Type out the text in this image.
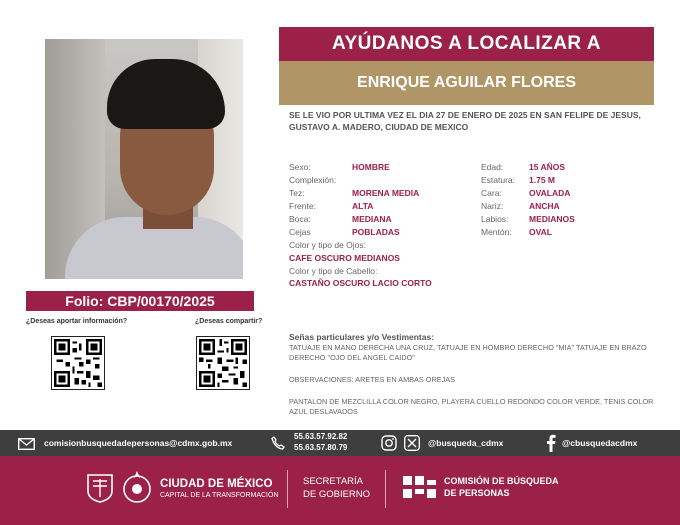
Folio: CBP/00170/2025
¿Deseas aportar información?	¿Deseas compartir?
AYÚDANOS A LOCALIZAR A
ENRIQUE AGUILAR FLORES
SE LE VIO POR ULTIMA VEZ EL DIA 27 DE ENERO DE 2025 EN SAN FELIPE DE JESUS, GUSTAVO A. MADERO, CIUDAD DE MEXICO
Sexo:	HOMBRE
Complexión:
Tez:	MORENA MEDIA
Frente:	ALTA
Boca:	MEDIANA
Cejas	POBLADAS
Color y tipo de Ojos:
CAFE OSCURO MEDIANOS
Color y tipo de Cabello:
CASTAÑO OSCURO LACIO CORTO
Edad:	15 AÑOS
Estatura: 1.75 M
Cara:	OVALADA
Nariz:	ANCHA
Labios: MEDIANOS
Mentón: OVAL
Señas particulares y/o Vestimentas:
TATUAJE EN MANO DERECHA UNA CRUZ, TATUAJE EN HOMBRO DERECHO "MIA" TATUAJE EN BRAZO DERECHO "OJO DEL ANGEL CAIDO"
OBSERVACIONES: ARETES EN AMBAS OREJAS
PANTALON DE MEZCLILLA COLOR NEGRO, PLAYERA CUELLO REDONDO COLOR VERDE, TENIS COLOR AZUL DESLAVADOS
comisionbusquedadepersonas@cdmx.gob.mx
55.63.57.92.82
55.63.57.80.79	@busqueda_cdmx	@cbusquedacdmx
CIUDAD DE MÉXICO
CAPITAL DE LA TRANSFORMACIÓN
SECRETARÍA
DE GOBIERNO
COMISIÓN DE BÚSQUEDA
DE PERSONAS
